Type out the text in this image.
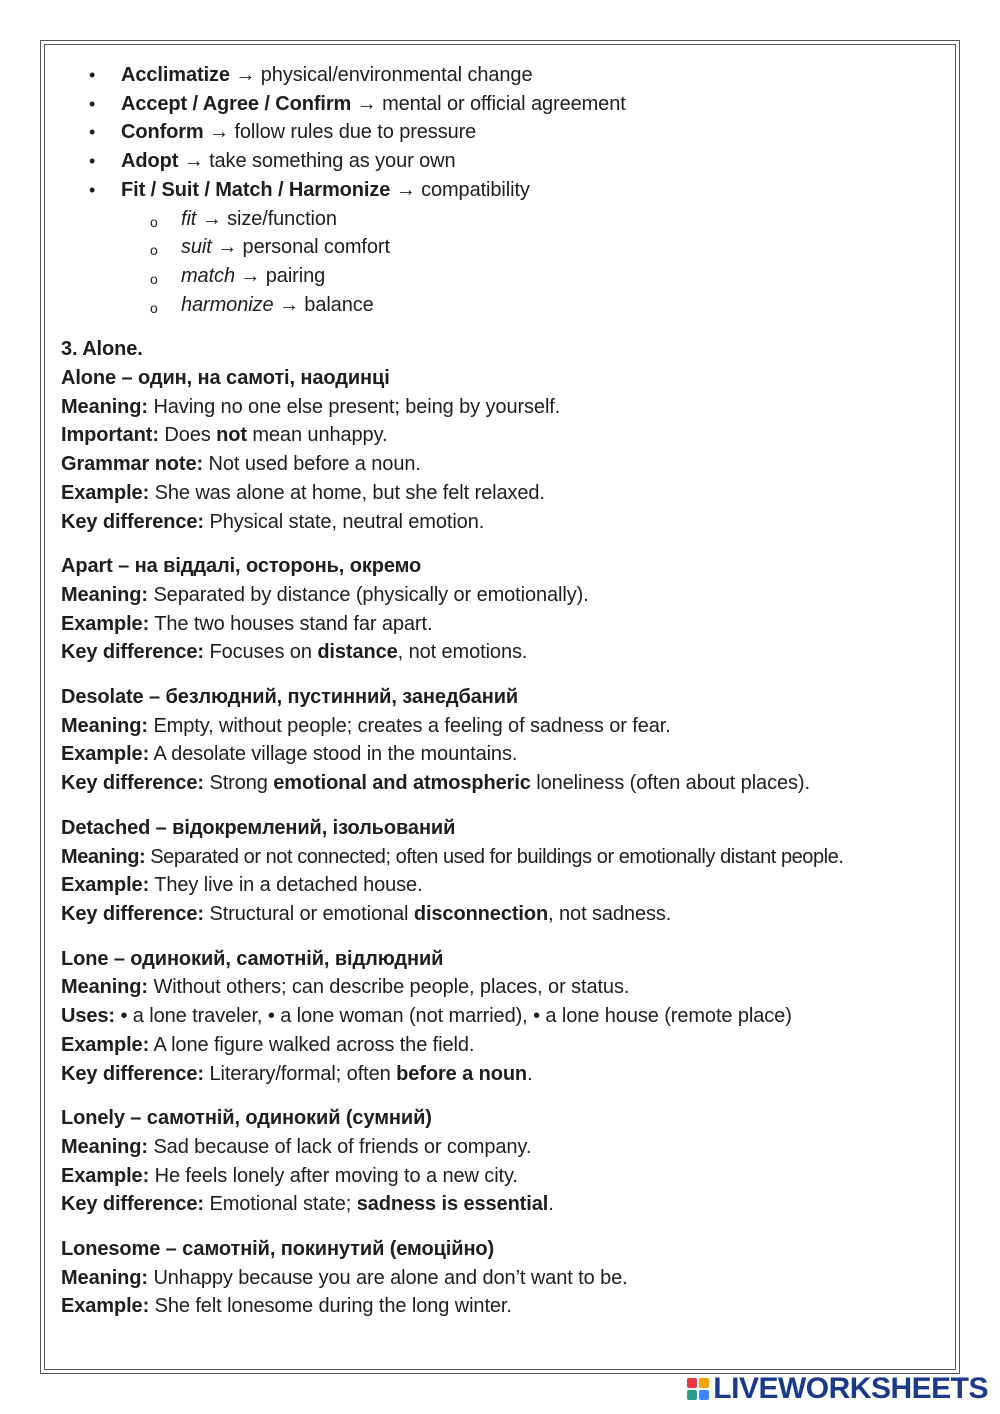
• Acclimatize → physical/environmental change
• Accept / Agree / Confirm → mental or official agreement
• Conform → follow rules due to pressure
• Adopt → take something as your own
• Fit / Suit / Match / Harmonize → compatibility
o fit → size/function
o suit → personal comfort
o match → pairing
o harmonize → balance
3. Alone.
Alone – один, на самоті, наодинці
Meaning: Having no one else present; being by yourself.
Important: Does not mean unhappy.
Grammar note: Not used before a noun.
Example: She was alone at home, but she felt relaxed.
Key difference: Physical state, neutral emotion.
Apart – на віддалі, осторонь, окремо
Meaning: Separated by distance (physically or emotionally).
Example: The two houses stand far apart.
Key difference: Focuses on distance, not emotions.
Desolate – безлюдний, пустинний, занедбаний
Meaning: Empty, without people; creates a feeling of sadness or fear.
Example: A desolate village stood in the mountains.
Key difference: Strong emotional and atmospheric loneliness (often about places).
Detached – відокремлений, ізольований
Meaning: Separated or not connected; often used for buildings or emotionally distant people.
Example: They live in a detached house.
Key difference: Structural or emotional disconnection, not sadness.
Lone – одинокий, самотній, відлюдний
Meaning: Without others; can describe people, places, or status.
Uses: • a lone traveler, • a lone woman (not married), • a lone house (remote place)
Example: A lone figure walked across the field.
Key difference: Literary/formal; often before a noun.
Lonely – самотній, одинокий (сумний)
Meaning: Sad because of lack of friends or company.
Example: He feels lonely after moving to a new city.
Key difference: Emotional state; sadness is essential.
Lonesome – самотній, покинутий (емоційно)
Meaning: Unhappy because you are alone and don’t want to be.
Example: She felt lonesome during the long winter.
LIVEWORKSHEETS
